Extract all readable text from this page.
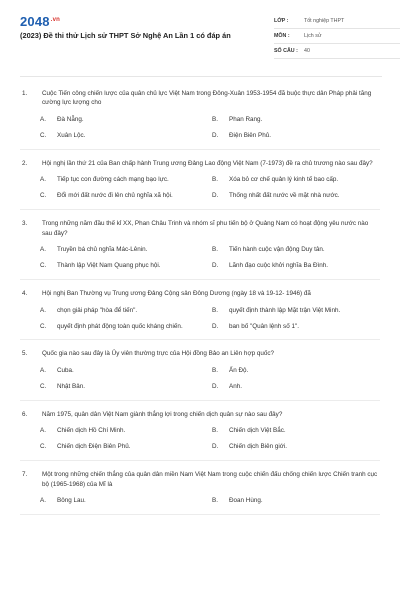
$2048^{.vn}$
(2023) Đề thi thử Lịch sử THPT Sở Nghệ An Lần 1 có đáp án
LỚP :	Tốt nghiệp THPT
MÔN :	Lịch sử
SỐ CÂU : 40
1.	Cuộc Tiến công chiến lược của quân chủ lực Việt Nam trong Đông-Xuân 1953-1954 đã buộc thực dân Pháp phải tăng cường lực lượng cho
A.	Đà Nẵng.	B.	Phan Rang.
C.	Xuân Lộc.	D.	Điện Biên Phủ.
2.	Hội nghị lần thứ 21 của Ban chấp hành Trung ương Đảng Lao động Việt Nam (7-1973) đề ra chủ trương nào sau đây?
A.	Tiếp tục con đường cách mạng bạo lực.	B.	Xóa bỏ cơ chế quản lý kinh tế bao cấp.
C.	Đổi mới đất nước đi lên chủ nghĩa xã hội.	D.	Thống nhất đất nước về mặt nhà nước.
3.	Trong những năm đầu thế kỉ XX, Phan Châu Trinh và nhóm sĩ phu tiến bộ ở Quảng Nam có hoạt động yêu nước nào sau đây?
A.	Truyền bá chủ nghĩa Mác-Lênin.	B.	Tiến hành cuộc vận động Duy tân.
C.	Thành lập Việt Nam Quang phục hội.	D.	Lãnh đạo cuộc khởi nghĩa Ba Đình.
4.	Hội nghị Ban Thường vụ Trung ương Đảng Cộng sản Đông Dương (ngày 18 và 19-12- 1946) đã
A.	chọn giải pháp "hòa để tiến".	B.	quyết định thành lập Mặt trận Việt Minh.
C.	quyết định phát động toàn quốc kháng chiến.	D.	ban bố "Quân lệnh số 1".
5.	Quốc gia nào sau đây là Ủy viên thường trực của Hội đồng Bảo an Liên hợp quốc?
A.	Cuba.	B.	Ấn Độ.
C.	Nhật Bản.	D.	Anh.
6.	Năm 1975, quân dân Việt Nam giành thắng lợi trong chiến dịch quân sự nào sau đây?
A.	Chiến dịch Hồ Chí Minh.	B.	Chiến dịch Việt Bắc.
C.	Chiến dịch Điện Biên Phủ.	D.	Chiến dịch Biên giới.
7.	Một trong những chiến thắng của quân dân miền Nam Việt Nam trong cuộc chiến đấu chống chiến lược Chiến tranh cục bộ (1965-1968) của Mĩ là
A.	Bông Lau.	B.	Đoan Hùng.
